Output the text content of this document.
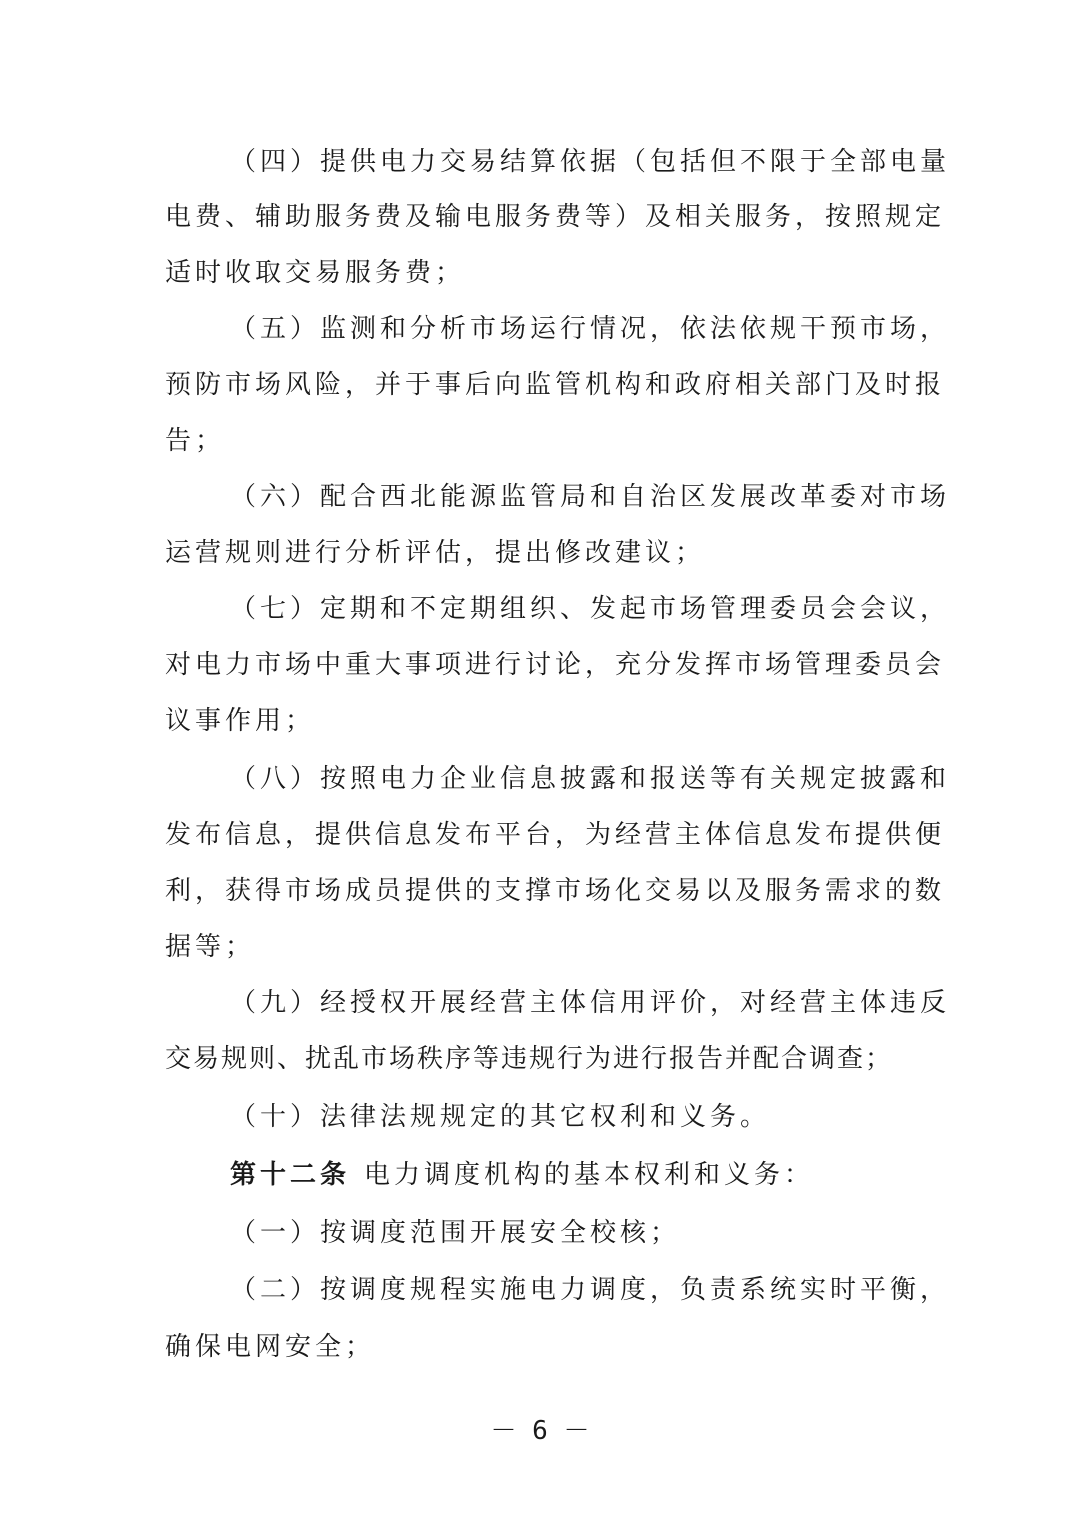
（四）提供电力交易结算依据（包括但不限于全部电量

电费、辅助服务费及输电服务费等）及相关服务，按照规定

适时收取交易服务费；

（五）监测和分析市场运行情况，依法依规干预市场，

预防市场风险，并于事后向监管机构和政府相关部门及时报

告；

（六）配合西北能源监管局和自治区发展改革委对市场

运营规则进行分析评估，提出修改建议；

（七）定期和不定期组织、发起市场管理委员会会议，

对电力市场中重大事项进行讨论，充分发挥市场管理委员会

议事作用；

（八）按照电力企业信息披露和报送等有关规定披露和

发布信息，提供信息发布平台，为经营主体信息发布提供便

利，获得市场成员提供的支撑市场化交易以及服务需求的数

据等；

（九）经授权开展经营主体信用评价，对经营主体违反

交易规则、扰乱市场秩序等违规行为进行报告并配合调查；

（十）法律法规规定的其它权利和义务。

第十二条 电力调度机构的基本权利和义务：

（一）按调度范围开展安全校核；

（二）按调度规程实施电力调度，负责系统实时平衡，

确保电网安全；

－ 6 －
